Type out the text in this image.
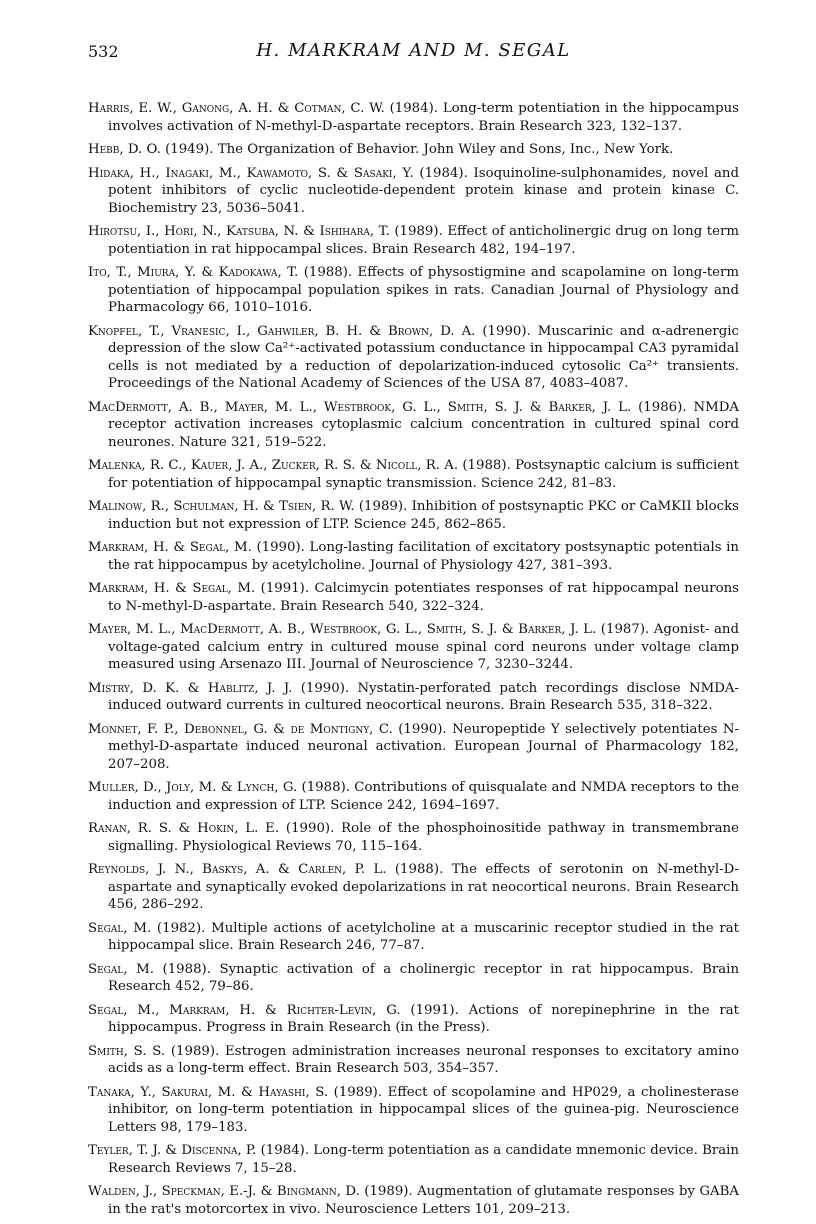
532	H. MARKRAM AND M. SEGAL

Harris, E. W., Ganong, A. H. & Cotman, C. W. (1984). Long-term potentiation in the hippocampus involves activation of N-methyl-D-aspartate receptors. Brain Research 323, 132–137.

Hebb, D. O. (1949). The Organization of Behavior. John Wiley and Sons, Inc., New York.

Hidaka, H., Inagaki, M., Kawamoto, S. & Sasaki, Y. (1984). Isoquinoline-sulphonamides, novel and potent inhibitors of cyclic nucleotide-dependent protein kinase and protein kinase C. Biochemistry 23, 5036–5041.

Hirotsu, I., Hori, N., Katsuba, N. & Ishihara, T. (1989). Effect of anticholinergic drug on long term potentiation in rat hippocampal slices. Brain Research 482, 194–197.

Ito, T., Miura, Y. & Kadokawa, T. (1988). Effects of physostigmine and scapolamine on long-term potentiation of hippocampal population spikes in rats. Canadian Journal of Physiology and Pharmacology 66, 1010–1016.

Knopfel, T., Vranesic, I., Gahwiler, B. H. & Brown, D. A. (1990). Muscarinic and α-adrenergic depression of the slow Ca²⁺-activated potassium conductance in hippocampal CA3 pyramidal cells is not mediated by a reduction of depolarization-induced cytosolic Ca²⁺ transients. Proceedings of the National Academy of Sciences of the USA 87, 4083–4087.

MacDermott, A. B., Mayer, M. L., Westbrook, G. L., Smith, S. J. & Barker, J. L. (1986). NMDA receptor activation increases cytoplasmic calcium concentration in cultured spinal cord neurones. Nature 321, 519–522.

Malenka, R. C., Kauer, J. A., Zucker, R. S. & Nicoll, R. A. (1988). Postsynaptic calcium is sufficient for potentiation of hippocampal synaptic transmission. Science 242, 81–83.

Malinow, R., Schulman, H. & Tsien, R. W. (1989). Inhibition of postsynaptic PKC or CaMKII blocks induction but not expression of LTP. Science 245, 862–865.

Markram, H. & Segal, M. (1990). Long-lasting facilitation of excitatory postsynaptic potentials in the rat hippocampus by acetylcholine. Journal of Physiology 427, 381–393.

Markram, H. & Segal, M. (1991). Calcimycin potentiates responses of rat hippocampal neurons to N-methyl-D-aspartate. Brain Research 540, 322–324.

Mayer, M. L., MacDermott, A. B., Westbrook, G. L., Smith, S. J. & Barker, J. L. (1987). Agonist- and voltage-gated calcium entry in cultured mouse spinal cord neurons under voltage clamp measured using Arsenazo III. Journal of Neuroscience 7, 3230–3244.

Mistry, D. K. & Hablitz, J. J. (1990). Nystatin-perforated patch recordings disclose NMDA-induced outward currents in cultured neocortical neurons. Brain Research 535, 318–322.

Monnet, F. P., Debonnel, G. & de Montigny, C. (1990). Neuropeptide Y selectively potentiates N-methyl-D-aspartate induced neuronal activation. European Journal of Pharmacology 182, 207–208.

Muller, D., Joly, M. & Lynch, G. (1988). Contributions of quisqualate and NMDA receptors to the induction and expression of LTP. Science 242, 1694–1697.

Ranan, R. S. & Hokin, L. E. (1990). Role of the phosphoinositide pathway in transmembrane signalling. Physiological Reviews 70, 115–164.

Reynolds, J. N., Baskys, A. & Carlen, P. L. (1988). The effects of serotonin on N-methyl-D-aspartate and synaptically evoked depolarizations in rat neocortical neurons. Brain Research 456, 286–292.

Segal, M. (1982). Multiple actions of acetylcholine at a muscarinic receptor studied in the rat hippocampal slice. Brain Research 246, 77–87.

Segal, M. (1988). Synaptic activation of a cholinergic receptor in rat hippocampus. Brain Research 452, 79–86.

Segal, M., Markram, H. & Richter-Levin, G. (1991). Actions of norepinephrine in the rat hippocampus. Progress in Brain Research (in the Press).

Smith, S. S. (1989). Estrogen administration increases neuronal responses to excitatory amino acids as a long-term effect. Brain Research 503, 354–357.

Tanaka, Y., Sakurai, M. & Hayashi, S. (1989). Effect of scopolamine and HP029, a cholinesterase inhibitor, on long-term potentiation in hippocampal slices of the guinea-pig. Neuroscience Letters 98, 179–183.

Teyler, T. J. & Discenna, P. (1984). Long-term potentiation as a candidate mnemonic device. Brain Research Reviews 7, 15–28.

Walden, J., Speckman, E.-J. & Bingmann, D. (1989). Augmentation of glutamate responses by GABA in the rat's motorcortex in vivo. Neuroscience Letters 101, 209–213.
